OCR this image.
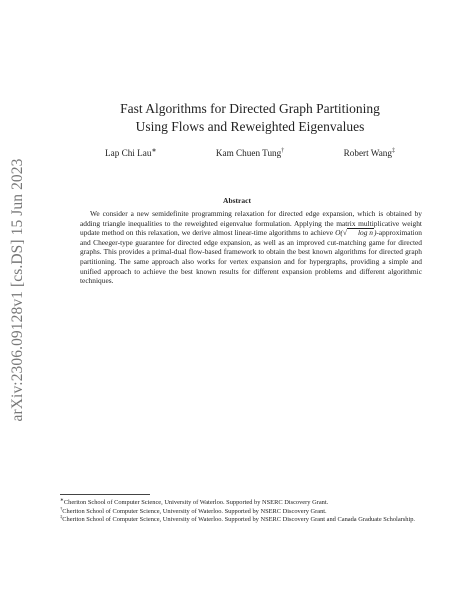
arXiv:2306.09128v1 [cs.DS] 15 Jun 2023
Fast Algorithms for Directed Graph Partitioning
Using Flows and Reweighted Eigenvalues
Lap Chi Lau∗	Kam Chuen Tung†	Robert Wang‡
Abstract

We consider a new semidefinite programming relaxation for directed edge expansion, which is obtained by adding triangle inequalities to the reweighted eigenvalue formulation. Applying the matrix multiplicative weight update method on this relaxation, we derive almost linear-time algorithms to achieve O(√ log n)-approximation and Cheeger-type guarantee for directed edge expansion, as well as an improved cut-matching game for directed graphs. This provides a primal-dual flow-based framework to obtain the best known algorithms for directed graph partitioning. The same approach also works for vertex expansion and for hypergraphs, providing a simple and unified approach to achieve the best known results for different expansion problems and different algorithmic techniques.

∗Cheriton School of Computer Science, University of Waterloo. Supported by NSERC Discovery Grant.
†Cheriton School of Computer Science, University of Waterloo. Supported by NSERC Discovery Grant.
‡Cheriton School of Computer Science, University of Waterloo. Supported by NSERC Discovery Grant and Canada Graduate Scholarship.
